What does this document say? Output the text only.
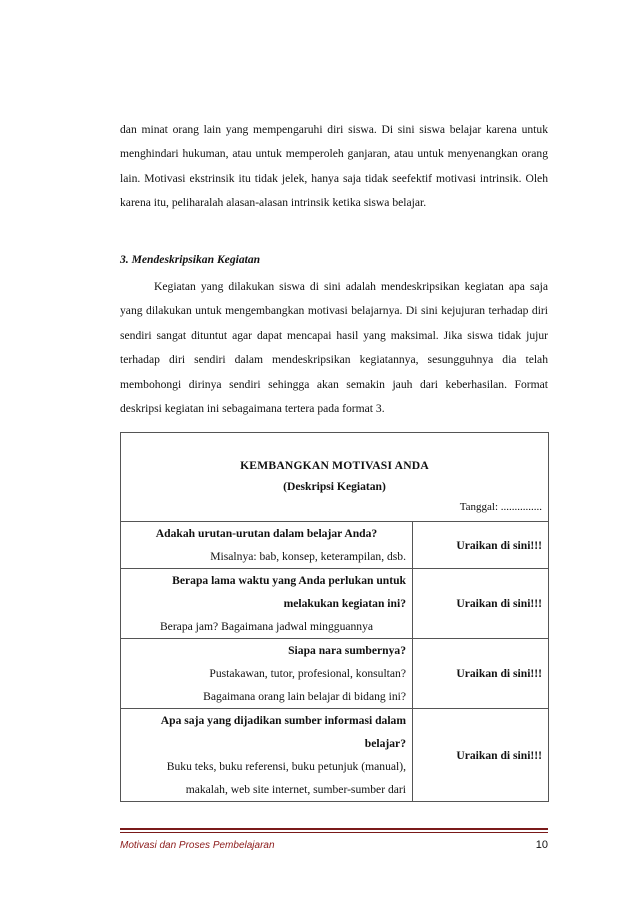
dan minat orang lain yang mempengaruhi diri siswa. Di sini siswa belajar karena untuk menghindari hukuman, atau untuk memperoleh ganjaran, atau untuk menyenangkan orang lain. Motivasi ekstrinsik itu tidak jelek, hanya saja tidak seefektif motivasi intrinsik. Oleh karena itu, peliharalah alasan-alasan intrinsik ketika siswa belajar.
3. Mendeskripsikan Kegiatan
Kegiatan yang dilakukan siswa di sini adalah mendeskripsikan kegiatan apa saja yang dilakukan untuk mengembangkan motivasi belajarnya. Di sini kejujuran terhadap diri sendiri sangat dituntut agar dapat mencapai hasil yang maksimal. Jika siswa tidak jujur terhadap diri sendiri dalam mendeskripsikan kegiatannya, sesungguhnya dia telah membohongi dirinya sendiri sehingga akan semakin jauh dari keberhasilan. Format deskripsi kegiatan ini sebagaimana tertera pada format 3.
KEMBANGKAN MOTIVASI ANDA
(Deskripsi Kegiatan)
Tanggal: ...............	

Adakah urutan-urutan dalam belajar Anda?
Misalnya: bab, konsep, keterampilan, dsb.	Uraikan di sini!!!

Berapa lama waktu yang Anda perlukan untuk
melakukan kegiatan ini?
Berapa jam? Bagaimana jadwal mingguannya	Uraikan di sini!!!

Siapa nara sumbernya?
Pustakawan, tutor, profesional, konsultan?
Bagaimana orang lain belajar di bidang ini?	Uraikan di sini!!!

Apa saja yang dijadikan sumber informasi dalam
belajar?
Buku teks, buku referensi, buku petunjuk (manual),
makalah, web site internet, sumber-sumber dari	Uraikan di sini!!!
Motivasi dan Proses Pembelajaran	10
